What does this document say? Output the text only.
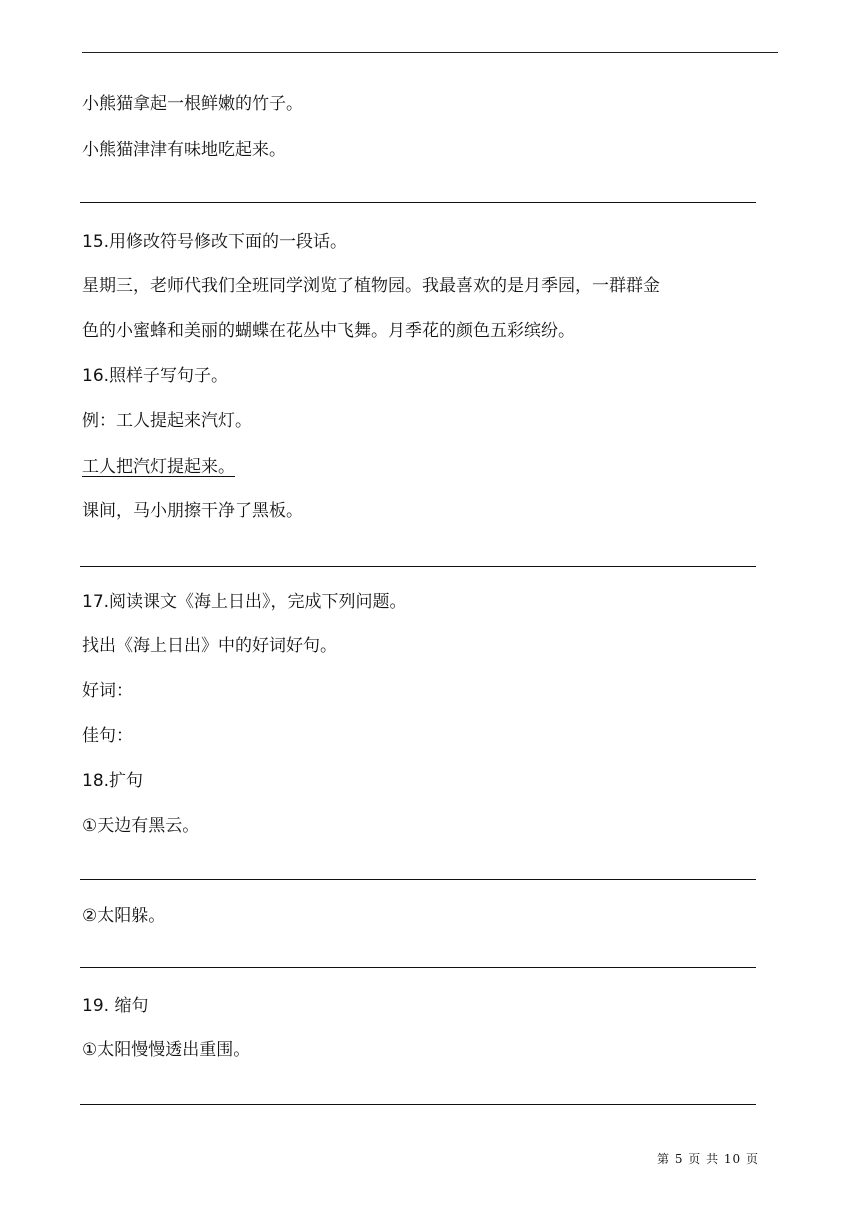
小熊猫拿起一根鲜嫩的竹子。
小熊猫津津有味地吃起来。
15.用修改符号修改下面的一段话。
星期三，老师代我们全班同学浏览了植物园。我最喜欢的是月季园，一群群金
色的小蜜蜂和美丽的蝴蝶在花丛中飞舞。月季花的颜色五彩缤纷。
16.照样子写句子。
例：工人提起来汽灯。
工人把汽灯提起来。
课间，马小朋擦干净了黑板。
17.阅读课文《海上日出》，完成下列问题。
找出《海上日出》中的好词好句。
好词：
佳句：
18.扩句
①天边有黑云。
②太阳躲。
19. 缩句
①太阳慢慢透出重围。
第 5 页 共 10 页
